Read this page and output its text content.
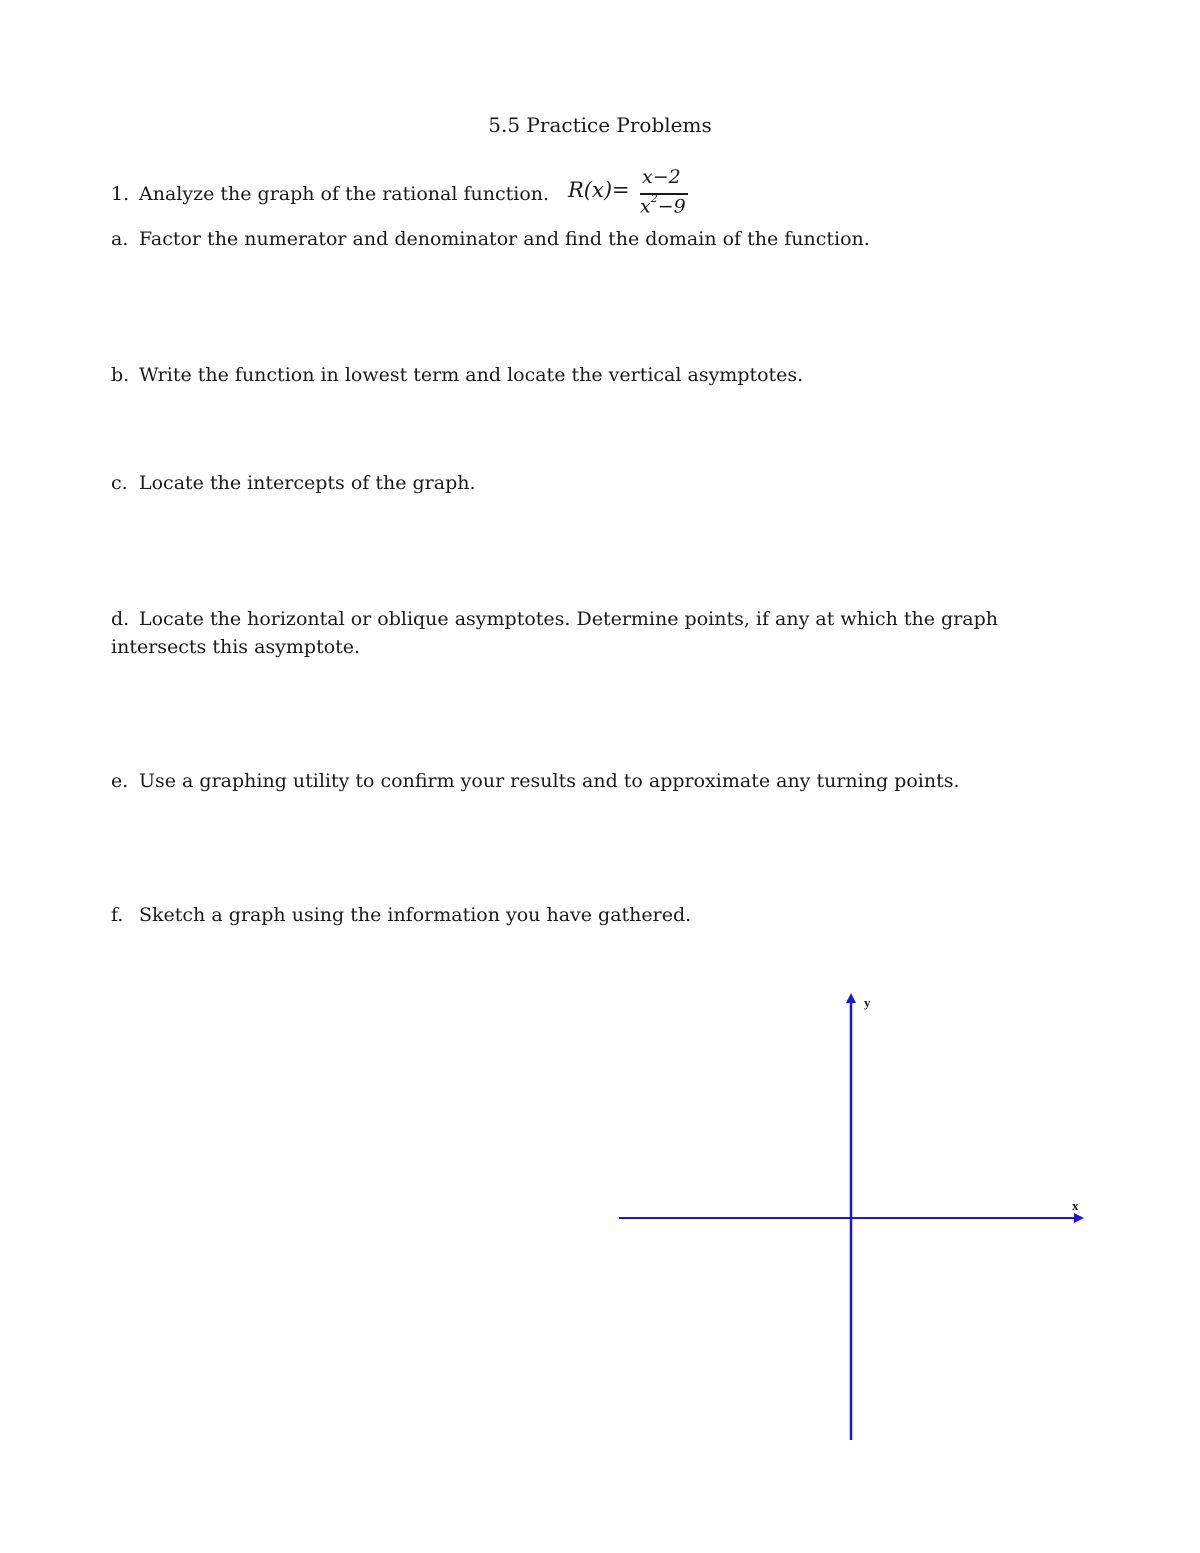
5.5 Practice Problems
1. Analyze the graph of the rational function. R(x)=
x−2
$x^2-9$
a. Factor the numerator and denominator and find the domain of the function.
b. Write the function in lowest term and locate the vertical asymptotes.
c. Locate the intercepts of the graph.
d. Locate the horizontal or oblique asymptotes. Determine points, if any at which the graph intersects this asymptote.
e. Use a graphing utility to confirm your results and to approximate any turning points.
f. Sketch a graph using the information you have gathered.
x
y
